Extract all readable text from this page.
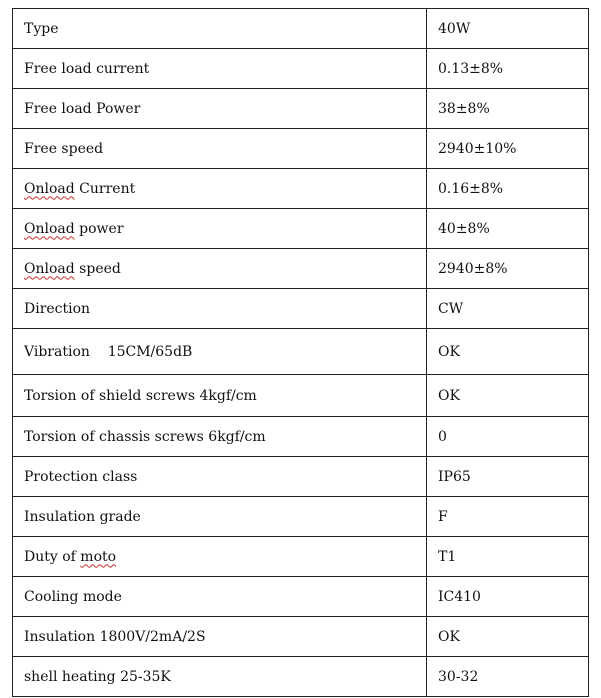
Type	40W
Free load current	0.13±8%
Free load Power	38±8%
Free speed	2940±10%
Onload Current	0.16±8%
Onload power	40±8%
Onload speed	2940±8%
Direction	CW
Vibration    15CM/65dB	OK
Torsion of shield screws 4kgf/cm	OK
Torsion of chassis screws 6kgf/cm	0
Protection class	IP65
Insulation grade	F
Duty of moto	T1
Cooling mode	IC410
Insulation 1800V/2mA/2S	OK
shell heating 25-35K	30-32
